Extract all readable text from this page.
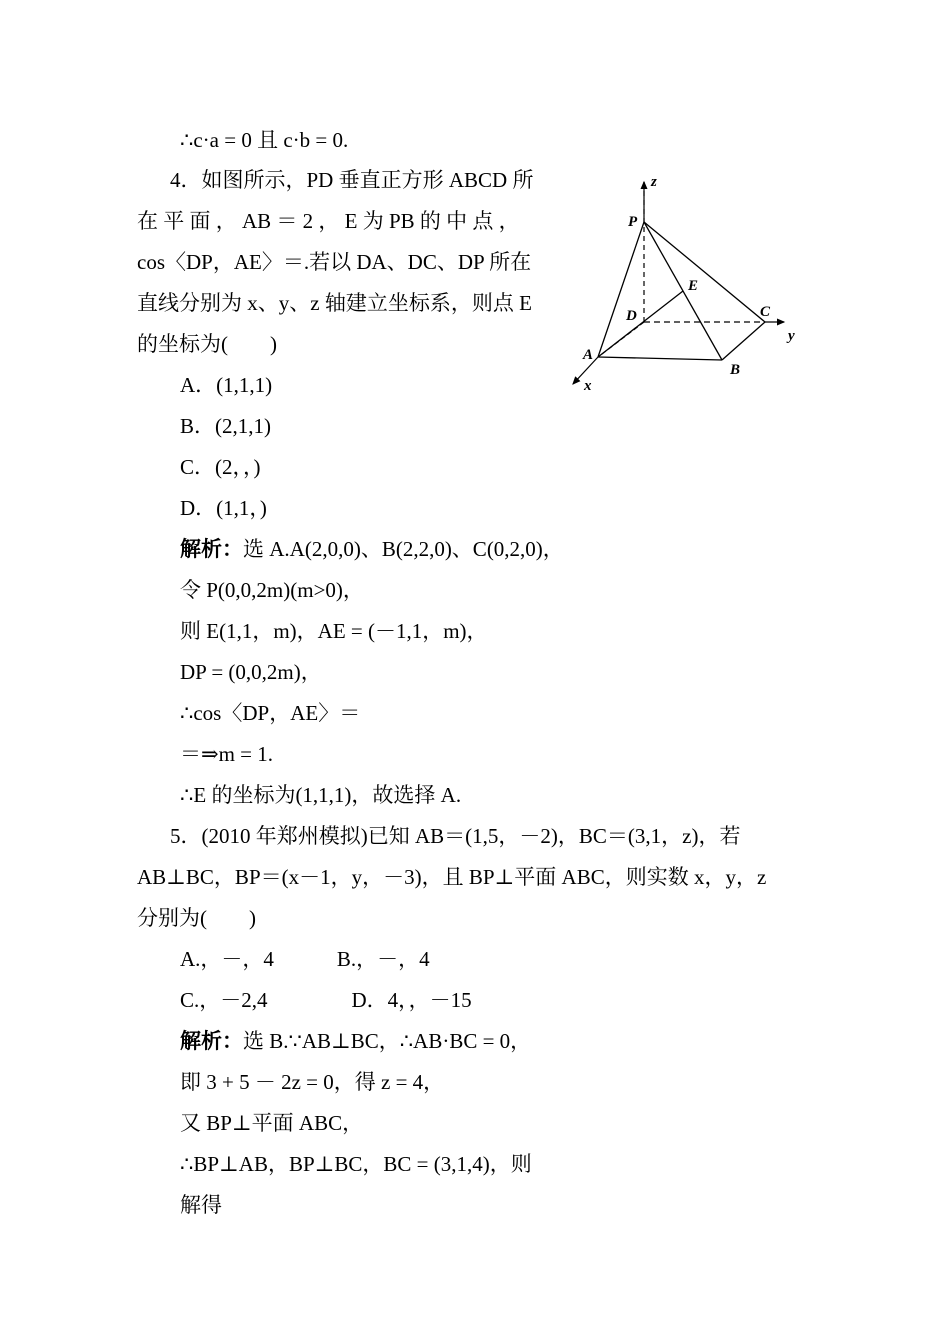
∴c·a = 0 且 c·b = 0.
4．如图所示，PD 垂直正方形 ABCD 所
在 平 面 ， AB ＝ 2 ， E 为 PB 的 中 点 ，
cos〈DP，AE〉＝.若以 DA、DC、DP 所在
直线分别为 x、y、z 轴建立坐标系，则点 E
的坐标为(　　)
A．(1,1,1)
B．(2,1,1)
C．(2，，)
D．(1,1，)
解析：选 A.A(2,0,0)、B(2,2,0)、C(0,2,0)，
令 P(0,0,2m)(m>0)，
则 E(1,1，m)，AE = (－1,1，m)，
DP = (0,0,2m)，
∴cos〈DP，AE〉＝
＝⇒m = 1.
∴E 的坐标为(1,1,1)，故选择 A.
5．(2010 年郑州模拟)已知 AB＝(1,5，－2)，BC＝(3,1，z)，若
AB⊥BC，BP＝(x－1，y，－3)，且 BP⊥平面 ABC，则实数 x，y，z
分别为(　　)
A.，－，4　　　B.，－，4
C.，－2,4　　　　D．4，，－15
解析：选 B.∵AB⊥BC，∴AB·BC = 0，
即 3 + 5 － 2z = 0，得 z = 4，
又 BP⊥平面 ABC，
∴BP⊥AB，BP⊥BC，BC = (3,1,4)，则
解得
z
P
E
D	C
y
A
B
x
